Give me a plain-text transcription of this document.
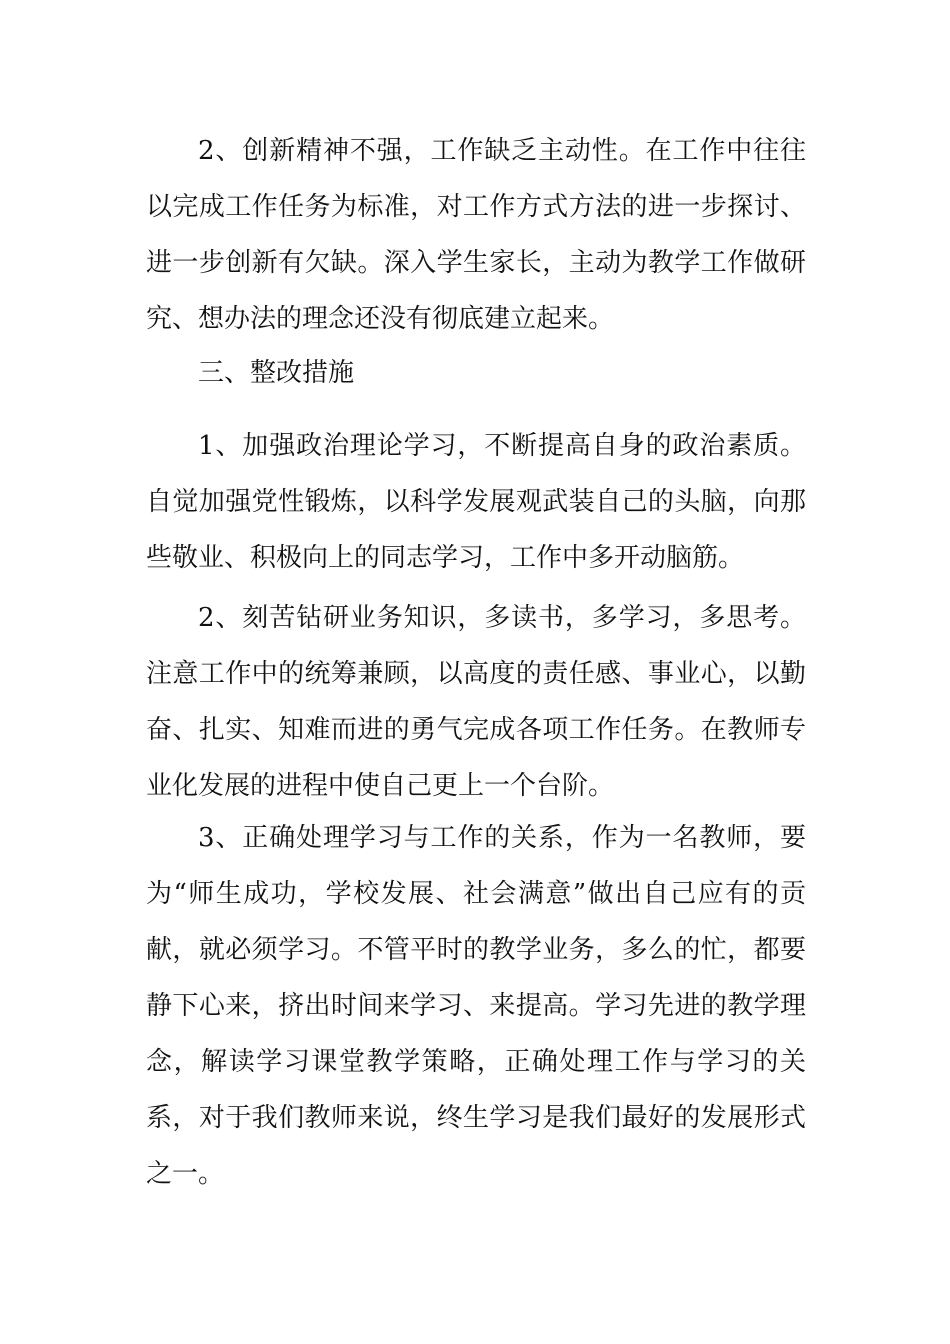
2、创新精神不强，工作缺乏主动性。在工作中往往以完成工作任务为标准，对工作方式方法的进一步探讨、进一步创新有欠缺。深入学生家长，主动为教学工作做研究、想办法的理念还没有彻底建立起来。

三、整改措施

1、加强政治理论学习，不断提高自身的政治素质。自觉加强党性锻炼，以科学发展观武装自己的头脑，向那些敬业、积极向上的同志学习，工作中多开动脑筋。

2、刻苦钻研业务知识，多读书，多学习，多思考。注意工作中的统筹兼顾，以高度的责任感、事业心，以勤奋、扎实、知难而进的勇气完成各项工作任务。在教师专业化发展的进程中使自己更上一个台阶。

3、正确处理学习与工作的关系，作为一名教师，要为“师生成功，学校发展、社会满意”做出自己应有的贡献，就必须学习。不管平时的教学业务，多么的忙，都要静下心来，挤出时间来学习、来提高。学习先进的教学理念，解读学习课堂教学策略，正确处理工作与学习的关系，对于我们教师来说，终生学习是我们最好的发展形式之一。
